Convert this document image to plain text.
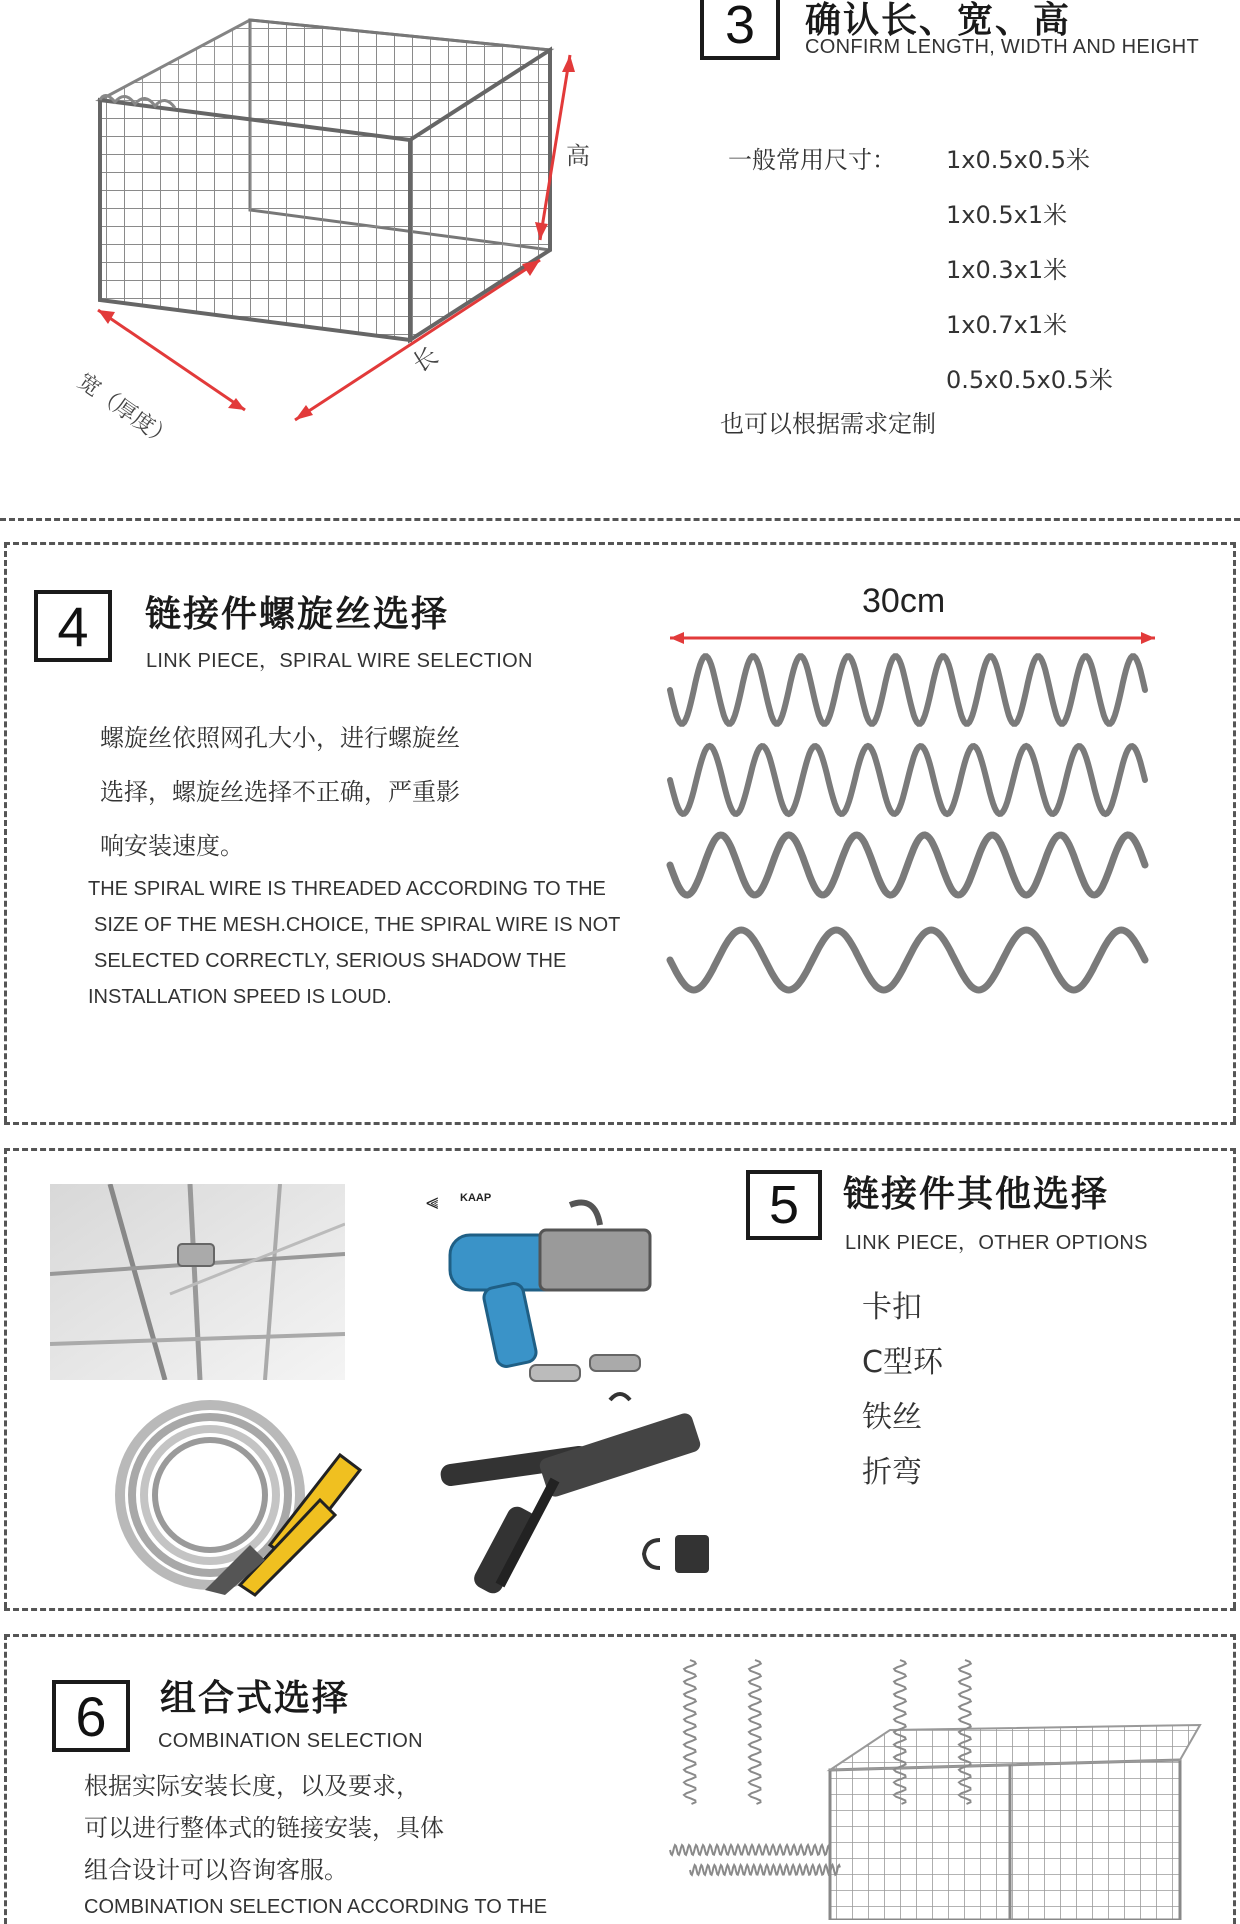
高
长
宽（厚度）
3	确认长、宽、高
CONFIRM LENGTH, WIDTH AND HEIGHT
一般常用尺寸： 1x0.5x0.5米
1x0.5x1米
1x0.3x1米
1x0.7x1米
0.5x0.5x0.5米
也可以根据需求定制
4	链接件螺旋丝选择
LINK PIECE，SPIRAL WIRE SELECTION
螺旋丝依照网孔大小，进行螺旋丝
选择，螺旋丝选择不正确，严重影
响安装速度。
THE SPIRAL WIRE IS THREADED ACCORDING TO THE
SIZE OF THE MESH.CHOICE, THE SPIRAL WIRE IS NOT
SELECTED CORRECTLY, SERIOUS SHADOW THE
INSTALLATION SPEED IS LOUD.
30cm
⫷ KAAP	5	链接件其他选择
LINK PIECE，OTHER OPTIONS
卡扣
C型环
铁丝
折弯
6	组合式选择
COMBINATION SELECTION
根据实际安装长度，以及要求，
可以进行整体式的链接安装，具体
组合设计可以咨询客服。
COMBINATION SELECTION ACCORDING TO THE
